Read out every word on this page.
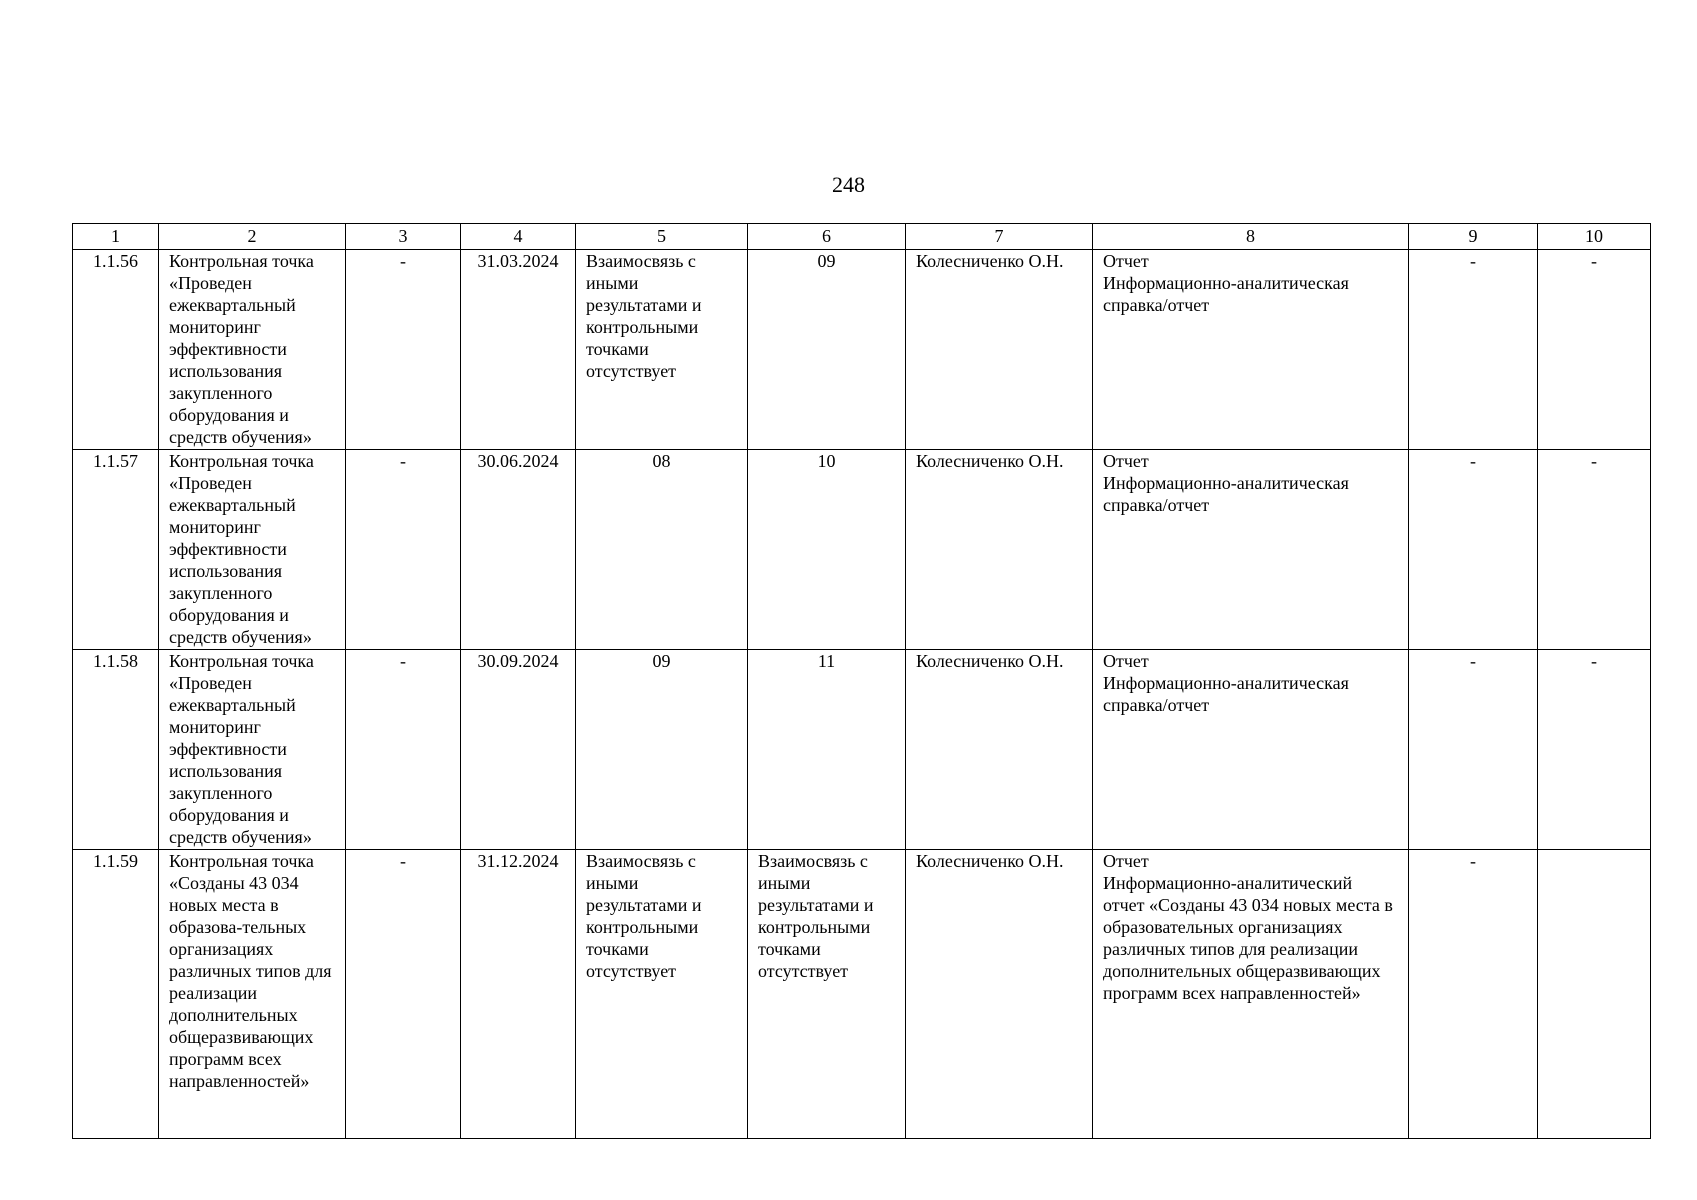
248
1	2	3	4	5	6	7	8	9	10
1.1.56	Контрольная точка «Проведен ежеквартальный мониторинг эффективности использования закупленного оборудования и средств обучения»	-	31.03.2024	Взаимосвязь с иными результатами и контрольными точками отсутствует	09	Колесниченко О.Н.	Отчет
Информационно-аналитическая справка/отчет	-	-
1.1.57	Контрольная точка «Проведен ежеквартальный мониторинг эффективности использования закупленного оборудования и средств обучения»	-	30.06.2024	08	10	Колесниченко О.Н.	Отчет
Информационно-аналитическая справка/отчет	-	-
1.1.58	Контрольная точка «Проведен ежеквартальный мониторинг эффективности использования закупленного оборудования и средств обучения»	-	30.09.2024	09	11	Колесниченко О.Н.	Отчет
Информационно-аналитическая справка/отчет	-	-
1.1.59	Контрольная точка «Созданы 43 034 новых места в образова-тельных организациях различных типов для реализации дополнительных общеразвивающих программ всех направленностей»	-	31.12.2024	Взаимосвязь с иными результатами и контрольными точками отсутствует	Взаимосвязь с иными результатами и контрольными точками отсутствует	Колесниченко О.Н.	Отчет
Информационно-аналитический отчет «Созданы 43 034 новых места в образовательных организациях различных типов для реализации дополнительных общеразвивающих программ всех направленностей»	-	
